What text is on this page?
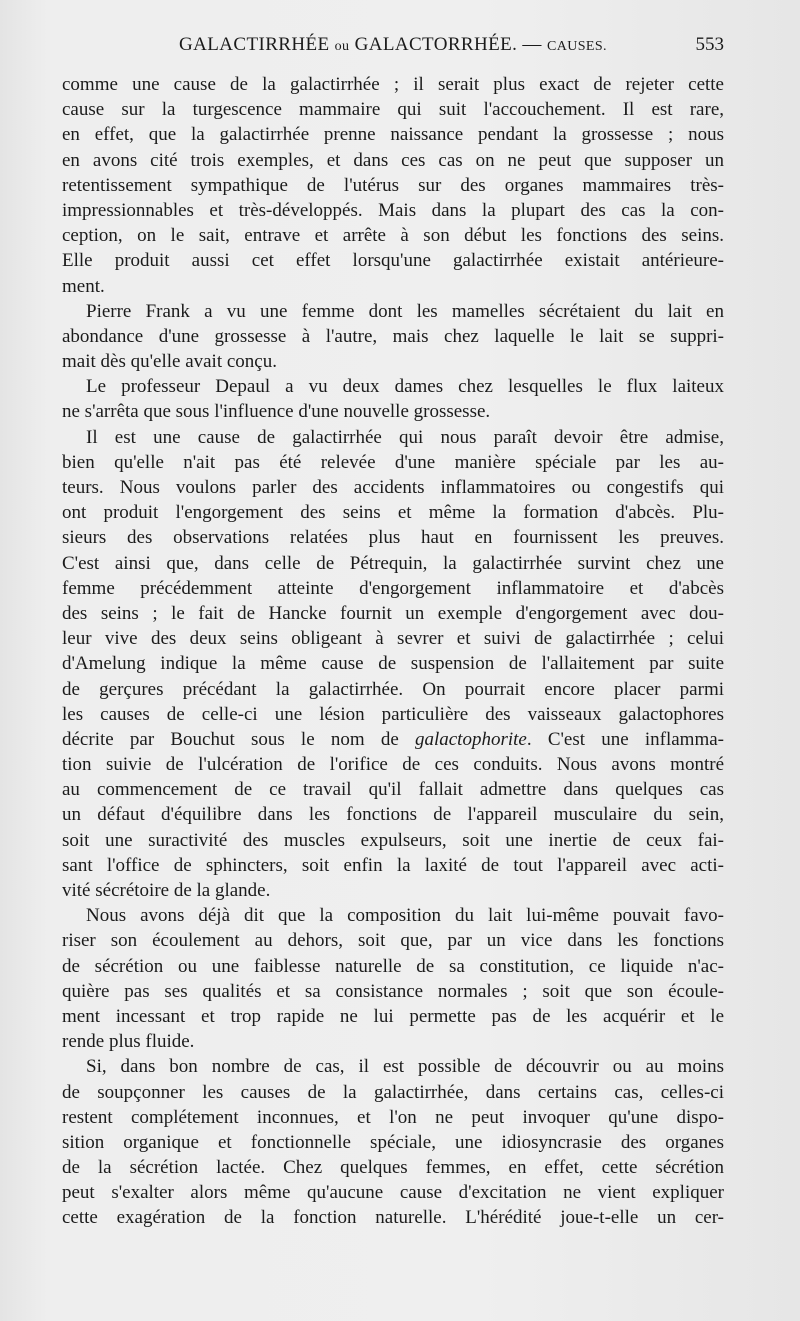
GALACTIRRHÉE ou GALACTORRHÉE. — CAUSES.	553
comme une cause de la galactirrhée ; il serait plus exact de rejeter cette
cause sur la turgescence mammaire qui suit l'accouchement. Il est rare,
en effet, que la galactirrhée prenne naissance pendant la grossesse ; nous
en avons cité trois exemples, et dans ces cas on ne peut que supposer un
retentissement sympathique de l'utérus sur des organes mammaires très-
impressionnables et très-développés. Mais dans la plupart des cas la con-
ception, on le sait, entrave et arrête à son début les fonctions des seins.
Elle produit aussi cet effet lorsqu'une galactirrhée existait antérieure-
ment.
Pierre Frank a vu une femme dont les mamelles sécrétaient du lait en
abondance d'une grossesse à l'autre, mais chez laquelle le lait se suppri-
mait dès qu'elle avait conçu.
Le professeur Depaul a vu deux dames chez lesquelles le flux laiteux
ne s'arrêta que sous l'influence d'une nouvelle grossesse.
Il est une cause de galactirrhée qui nous paraît devoir être admise,
bien qu'elle n'ait pas été relevée d'une manière spéciale par les au-
teurs. Nous voulons parler des accidents inflammatoires ou congestifs qui
ont produit l'engorgement des seins et même la formation d'abcès. Plu-
sieurs des observations relatées plus haut en fournissent les preuves.
C'est ainsi que, dans celle de Pétrequin, la galactirrhée survint chez une
femme précédemment atteinte d'engorgement inflammatoire et d'abcès
des seins ; le fait de Hancke fournit un exemple d'engorgement avec dou-
leur vive des deux seins obligeant à sevrer et suivi de galactirrhée ; celui
d'Amelung indique la même cause de suspension de l'allaitement par suite
de gerçures précédant la galactirrhée. On pourrait encore placer parmi
les causes de celle-ci une lésion particulière des vaisseaux galactophores
décrite par Bouchut sous le nom de galactophorite. C'est une inflamma-
tion suivie de l'ulcération de l'orifice de ces conduits. Nous avons montré
au commencement de ce travail qu'il fallait admettre dans quelques cas
un défaut d'équilibre dans les fonctions de l'appareil musculaire du sein,
soit une suractivité des muscles expulseurs, soit une inertie de ceux fai-
sant l'office de sphincters, soit enfin la laxité de tout l'appareil avec acti-
vité sécrétoire de la glande.
Nous avons déjà dit que la composition du lait lui-même pouvait favo-
riser son écoulement au dehors, soit que, par un vice dans les fonctions
de sécrétion ou une faiblesse naturelle de sa constitution, ce liquide n'ac-
quière pas ses qualités et sa consistance normales ; soit que son écoule-
ment incessant et trop rapide ne lui permette pas de les acquérir et le
rende plus fluide.
Si, dans bon nombre de cas, il est possible de découvrir ou au moins
de soupçonner les causes de la galactirrhée, dans certains cas, celles-ci
restent complétement inconnues, et l'on ne peut invoquer qu'une dispo-
sition organique et fonctionnelle spéciale, une idiosyncrasie des organes
de la sécrétion lactée. Chez quelques femmes, en effet, cette sécrétion
peut s'exalter alors même qu'aucune cause d'excitation ne vient expliquer
cette exagération de la fonction naturelle. L'hérédité joue-t-elle un cer-
